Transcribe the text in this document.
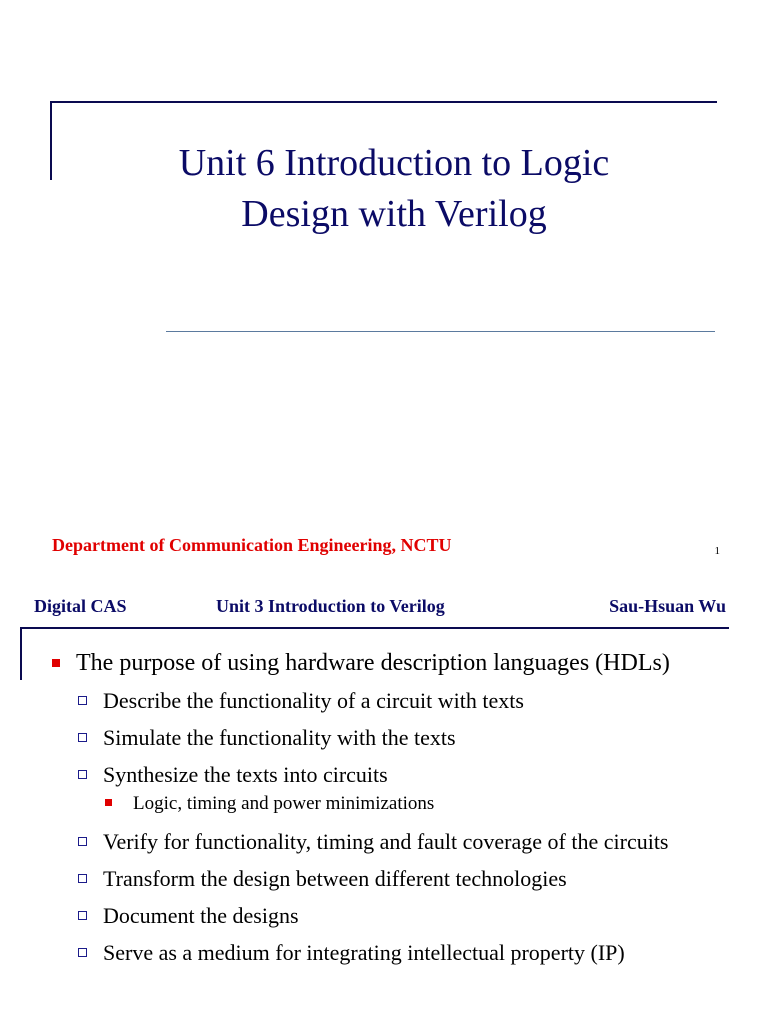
Unit 6 Introduction to Logic
Design with Verilog
Department of Communication Engineering, NCTU	1
Digital CAS	Unit 3 Introduction to Verilog	Sau-Hsuan Wu
The purpose of using hardware description languages (HDLs)
Describe the functionality of a circuit with texts
Simulate the functionality with the texts
Synthesize the texts into circuits
Logic, timing and power minimizations
Verify for functionality, timing and fault coverage of the circuits
Transform the design between different technologies
Document the designs
Serve as a medium for integrating intellectual property (IP)
